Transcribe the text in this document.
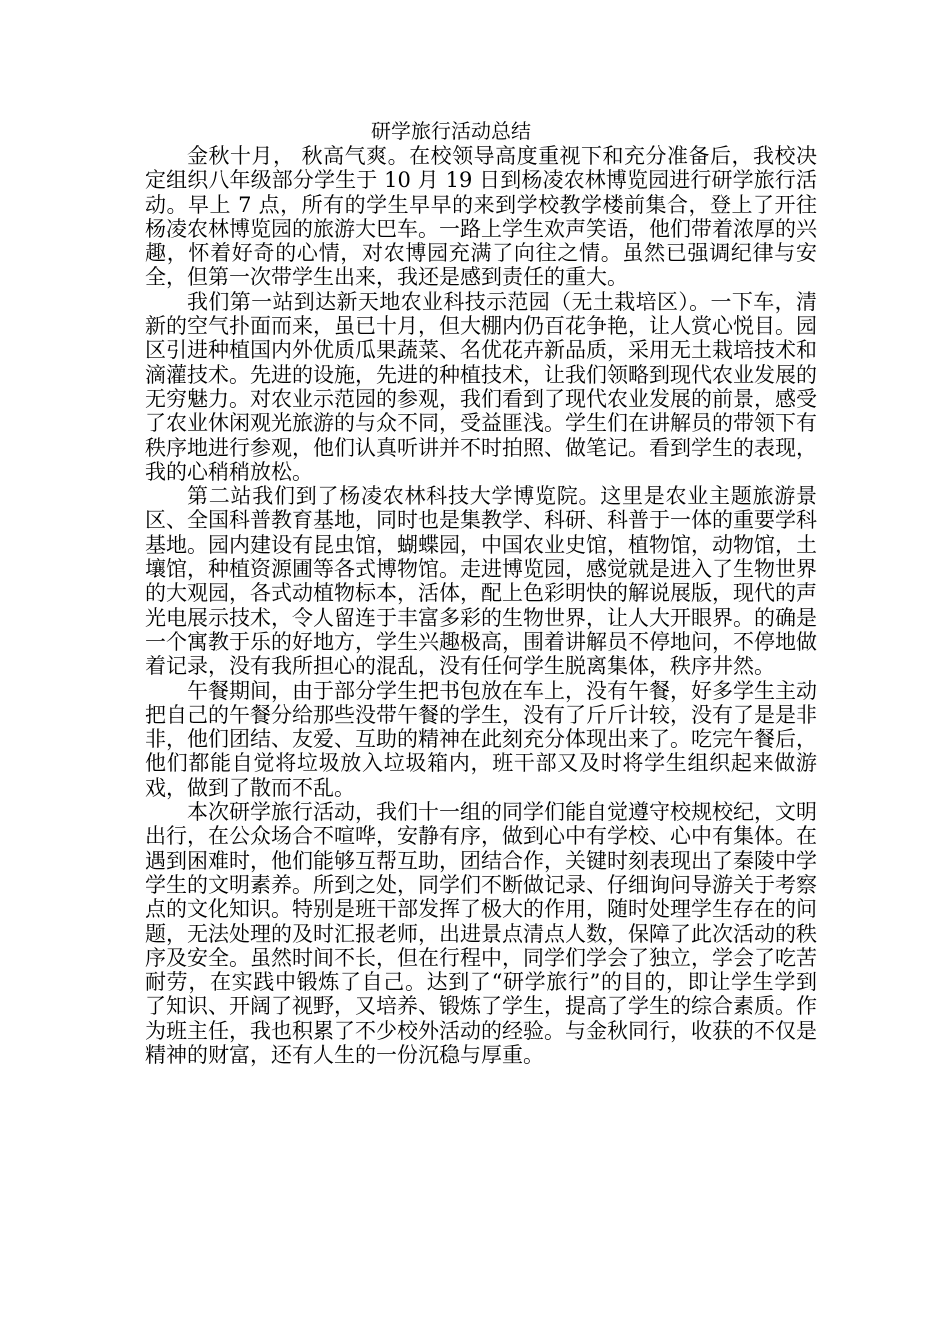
研学旅行活动总结

金秋十月， 秋高气爽。在校领导高度重视下和充分准备后，我校决定组织八年级部分学生于 10 月 19 日到杨凌农林博览园进行研学旅行活动。早上 7 点，所有的学生早早的来到学校教学楼前集合，登上了开往杨凌农林博览园的旅游大巴车。一路上学生欢声笑语，他们带着浓厚的兴趣，怀着好奇的心情，对农博园充满了向往之情。虽然已强调纪律与安全，但第一次带学生出来，我还是感到责任的重大。

我们第一站到达新天地农业科技示范园（无土栽培区）。一下车，清新的空气扑面而来，虽已十月，但大棚内仍百花争艳，让人赏心悦目。园区引进种植国内外优质瓜果蔬菜、名优花卉新品质，采用无土栽培技术和滴灌技术。先进的设施，先进的种植技术，让我们领略到现代农业发展的无穷魅力。对农业示范园的参观，我们看到了现代农业发展的前景，感受了农业休闲观光旅游的与众不同，受益匪浅。学生们在讲解员的带领下有秩序地进行参观，他们认真听讲并不时拍照、做笔记。看到学生的表现，我的心稍稍放松。

第二站我们到了杨凌农林科技大学博览院。这里是农业主题旅游景区、全国科普教育基地，同时也是集教学、科研、科普于一体的重要学科基地。园内建设有昆虫馆，蝴蝶园，中国农业史馆，植物馆，动物馆，土壤馆，种植资源圃等各式博物馆。走进博览园，感觉就是进入了生物世界的大观园，各式动植物标本，活体，配上色彩明快的解说展版，现代的声光电展示技术，令人留连于丰富多彩的生物世界，让人大开眼界。的确是一个寓教于乐的好地方，学生兴趣极高，围着讲解员不停地问，不停地做着记录，没有我所担心的混乱，没有任何学生脱离集体，秩序井然。

午餐期间，由于部分学生把书包放在车上，没有午餐，好多学生主动把自己的午餐分给那些没带午餐的学生，没有了斤斤计较，没有了是是非非，他们团结、友爱、互助的精神在此刻充分体现出来了。吃完午餐后，他们都能自觉将垃圾放入垃圾箱内，班干部又及时将学生组织起来做游戏，做到了散而不乱。

本次研学旅行活动，我们十一组的同学们能自觉遵守校规校纪，文明出行，在公众场合不喧哗，安静有序，做到心中有学校、心中有集体。在遇到困难时，他们能够互帮互助，团结合作，关键时刻表现出了秦陵中学学生的文明素养。所到之处，同学们不断做记录、仔细询问导游关于考察点的文化知识。特别是班干部发挥了极大的作用，随时处理学生存在的问题，无法处理的及时汇报老师，出进景点清点人数，保障了此次活动的秩序及安全。虽然时间不长，但在行程中，同学们学会了独立，学会了吃苦耐劳，在实践中锻炼了自己。达到了“研学旅行”的目的，即让学生学到了知识、开阔了视野，又培养、锻炼了学生，提高了学生的综合素质。作为班主任，我也积累了不少校外活动的经验。与金秋同行，收获的不仅是精神的财富，还有人生的一份沉稳与厚重。
